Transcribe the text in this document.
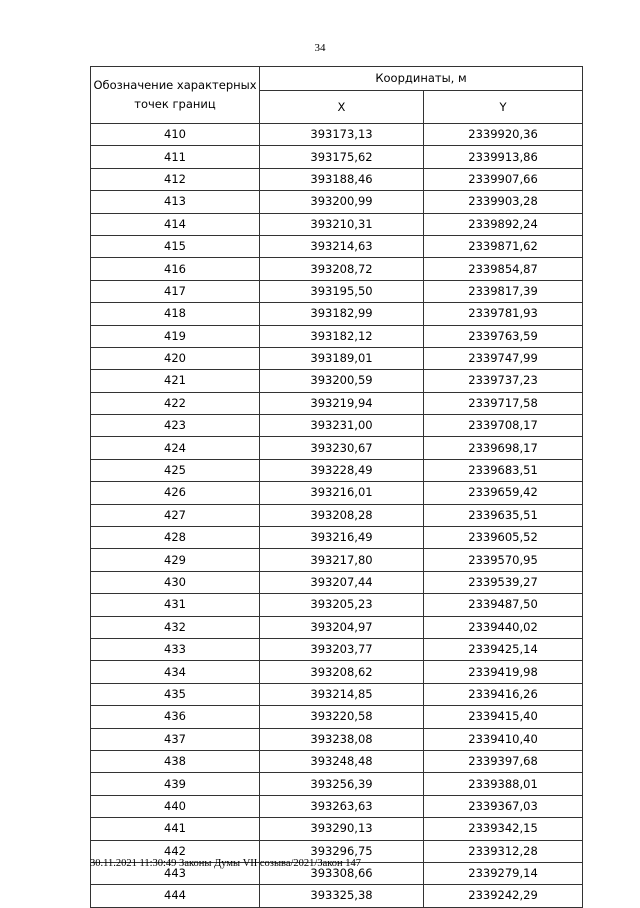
34
Обозначение характерных точек границ	Координаты, м	
	X	Y
410	393173,13	2339920,36
411	393175,62	2339913,86
412	393188,46	2339907,66
413	393200,99	2339903,28
414	393210,31	2339892,24
415	393214,63	2339871,62
416	393208,72	2339854,87
417	393195,50	2339817,39
418	393182,99	2339781,93
419	393182,12	2339763,59
420	393189,01	2339747,99
421	393200,59	2339737,23
422	393219,94	2339717,58
423	393231,00	2339708,17
424	393230,67	2339698,17
425	393228,49	2339683,51
426	393216,01	2339659,42
427	393208,28	2339635,51
428	393216,49	2339605,52
429	393217,80	2339570,95
430	393207,44	2339539,27
431	393205,23	2339487,50
432	393204,97	2339440,02
433	393203,77	2339425,14
434	393208,62	2339419,98
435	393214,85	2339416,26
436	393220,58	2339415,40
437	393238,08	2339410,40
438	393248,48	2339397,68
439	393256,39	2339388,01
440	393263,63	2339367,03
441	393290,13	2339342,15
442	393296,75	2339312,28
443	393308,66	2339279,14
444	393325,38	2339242,29
30.11.2021 11:30:49 Законы Думы VII созыва/2021/Закон 147
